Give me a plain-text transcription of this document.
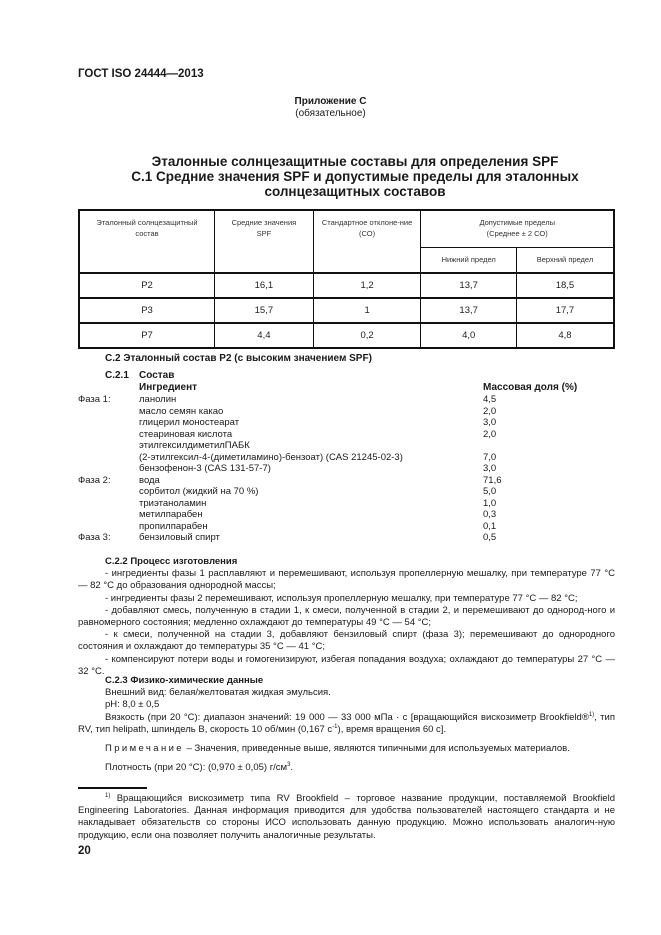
ГОСТ ISO 24444—2013
Приложение С
(обязательное)
Эталонные солнцезащитные составы для определения SPF
С.1 Средние значения SPF и допустимые пределы для эталонных
солнцезащитных составов
Эталонный солнцезащитный состав	Средние значения SPF	Стандартное отклоне-ние (СО)	Допустимые пределы
(Среднее ± 2 СО)	

			Нижний предел	Верхний предел
P2	16,1	1,2	13,7	18,5
P3	15,7	1	13,7	17,7
P7	4,4	0,2	4,0	4,8
С.2 Эталонный состав Р2 (с высоким значением SPF)
С.2.1 Состав
Ингредиент	Массовая доля (%)
Фаза 1:	ланолин	4,5
масло семян какао	2,0
глицерил моностеарат	3,0
стеариновая кислота	2,0
этилгексилдиметилПАБК
(2-этилгексил-4-(диметиламино)-бензоат) (CAS 21245-02-3)	7,0
бензофенон-3 (CAS 131-57-7)	3,0
Фаза 2:	вода	71,6
сорбитол (жидкий на 70 %)	5,0
триэтаноламин	1,0
метилпарабен	0,3
пропилпарабен	0,1
Фаза 3:	бензиловый спирт	0,5
С.2.2 Процесс изготовления
- ингредиенты фазы 1 расплавляют и перемешивают, используя пропеллерную мешалку, при температуре 77 °С — 82 °С до образования однородной массы;
- ингредиенты фазы 2 перемешивают, используя пропеллерную мешалку, при температуре 77 °С — 82 °С;
- добавляют смесь, полученную в стадии 1, к смеси, полученной в стадии 2, и перемешивают до однород-ного и равномерного состояния; медленно охлаждают до температуры 49 °С — 54 °С;
- к смеси, полученной на стадии 3, добавляют бензиловый спирт (фаза 3); перемешивают до однородного состояния и охлаждают до температуры 35 °С — 41 °С;
- компенсируют потери воды и гомогенизируют, избегая попадания воздуха; охлаждают до температуры 27 °С — 32 °С.
С.2.3 Физико-химические данные
Внешний вид: белая/желтоватая жидкая эмульсия.
pH: 8,0 ± 0,5
Вязкость (при 20 °С): диапазон значений: 19 000 — 33 000 мПа · с [вращающийся вискозиметр Brookfield®$^{1)}$, тип RV, тип helipath, шпиндель В, скорость 10 об/мин (0,167 $с^{-1}$), время вращения 60 с].
Примечание – Значения, приведенные выше, являются типичными для используемых материалов.
Плотность (при 20 °С): (0,970 ± 0,05) $г/см^3$.
$^{1)}$ Вращающийся вискозиметр типа RV Brookfield – торговое название продукции, поставляемой Brookfield Engineering Laboratories. Данная информация приводится для удобства пользователей настоящего стандарта и не накладывает обязательств со стороны ИСО использовать данную продукцию. Можно использовать аналогич-ную продукцию, если она позволяет получить аналогичные результаты.
20
